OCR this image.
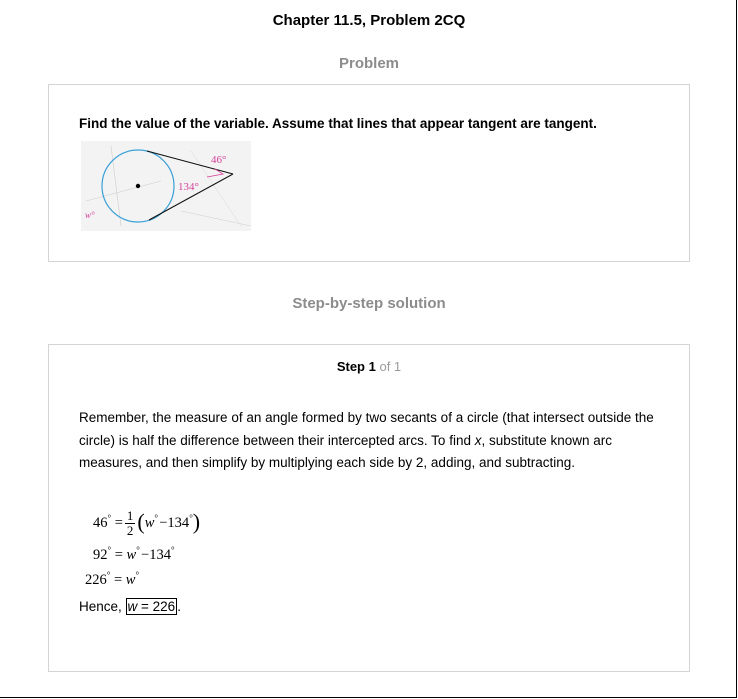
Chapter 11.5, Problem 2CQ
Problem
Find the value of the variable. Assume that lines that appear tangent are tangent.
46°
134°
w°
Step-by-step solution
Step 1 of 1
Remember, the measure of an angle formed by two secants of a circle (that intersect outside the circle) is half the difference between their intercepted arcs. To find x, substitute known arc measures, and then simplify by multiplying each side by 2, adding, and subtracting.
$46^\circ = \frac{1}{2} (w^\circ$ −134°)
92° = w° −134°
226° = w°
Hence, w = 226 .
